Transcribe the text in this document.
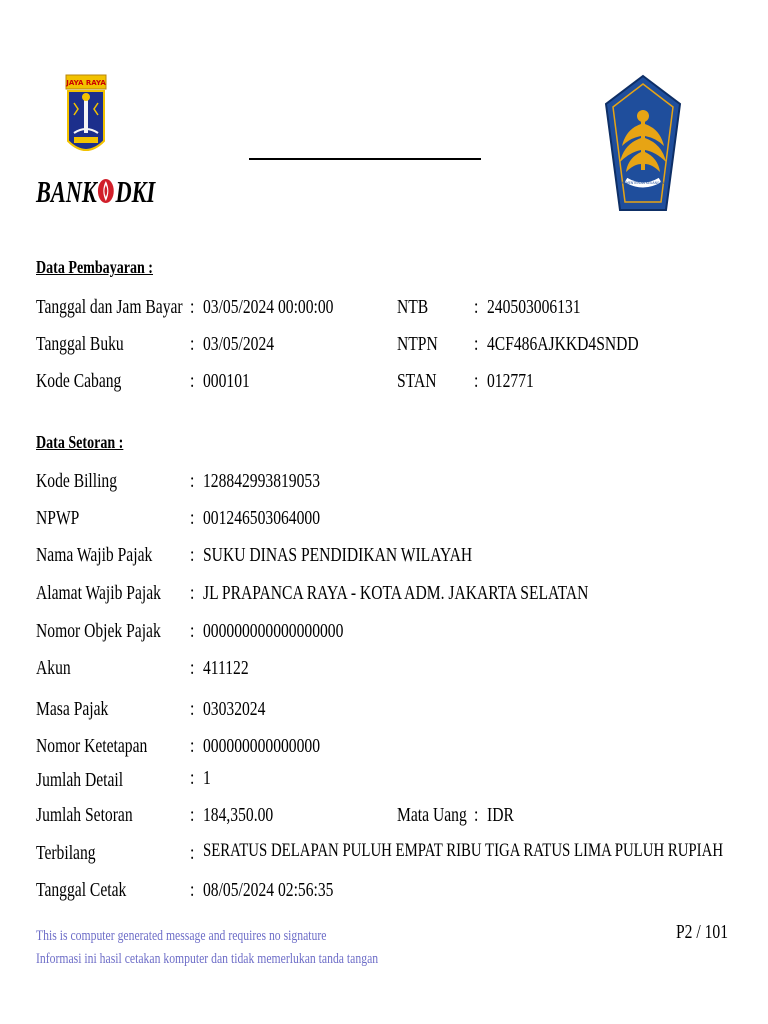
JAYA RAYA
BANK DKI	KEMENTERIAN KEUANGAN
Data Pembayaran :
Tanggal dan Jam Bayar : 03/05/2024 00:00:00	NTB : 240503006131
Tanggal Buku	: 03/05/2024	NTPN : 4CF486AJKKD4SNDD
Kode Cabang	: 000101	STAN : 012771
Data Setoran :
Kode Billing	: 128842993819053
NPWP	: 001246503064000
Nama Wajib Pajak : SUKU DINAS PENDIDIKAN WILAYAH
Alamat Wajib Pajak : JL PRAPANCA RAYA - KOTA ADM. JAKARTA SELATAN
Nomor Objek Pajak : 000000000000000000
Akun	: 411122
Masa Pajak	: 03032024
Nomor Ketetapan : 000000000000000
Jumlah Detail	: 1
Jumlah Setoran	: 184,350.00	Mata Uang : IDR
Terbilang	: SERATUS DELAPAN PULUH EMPAT RIBU TIGA RATUS LIMA PULUH RUPIAH
Tanggal Cetak	: 08/05/2024 02:56:35
This is computer generated message and requires no signature
Informasi ini hasil cetakan komputer dan tidak memerlukan tanda tangan
P2 / 101
